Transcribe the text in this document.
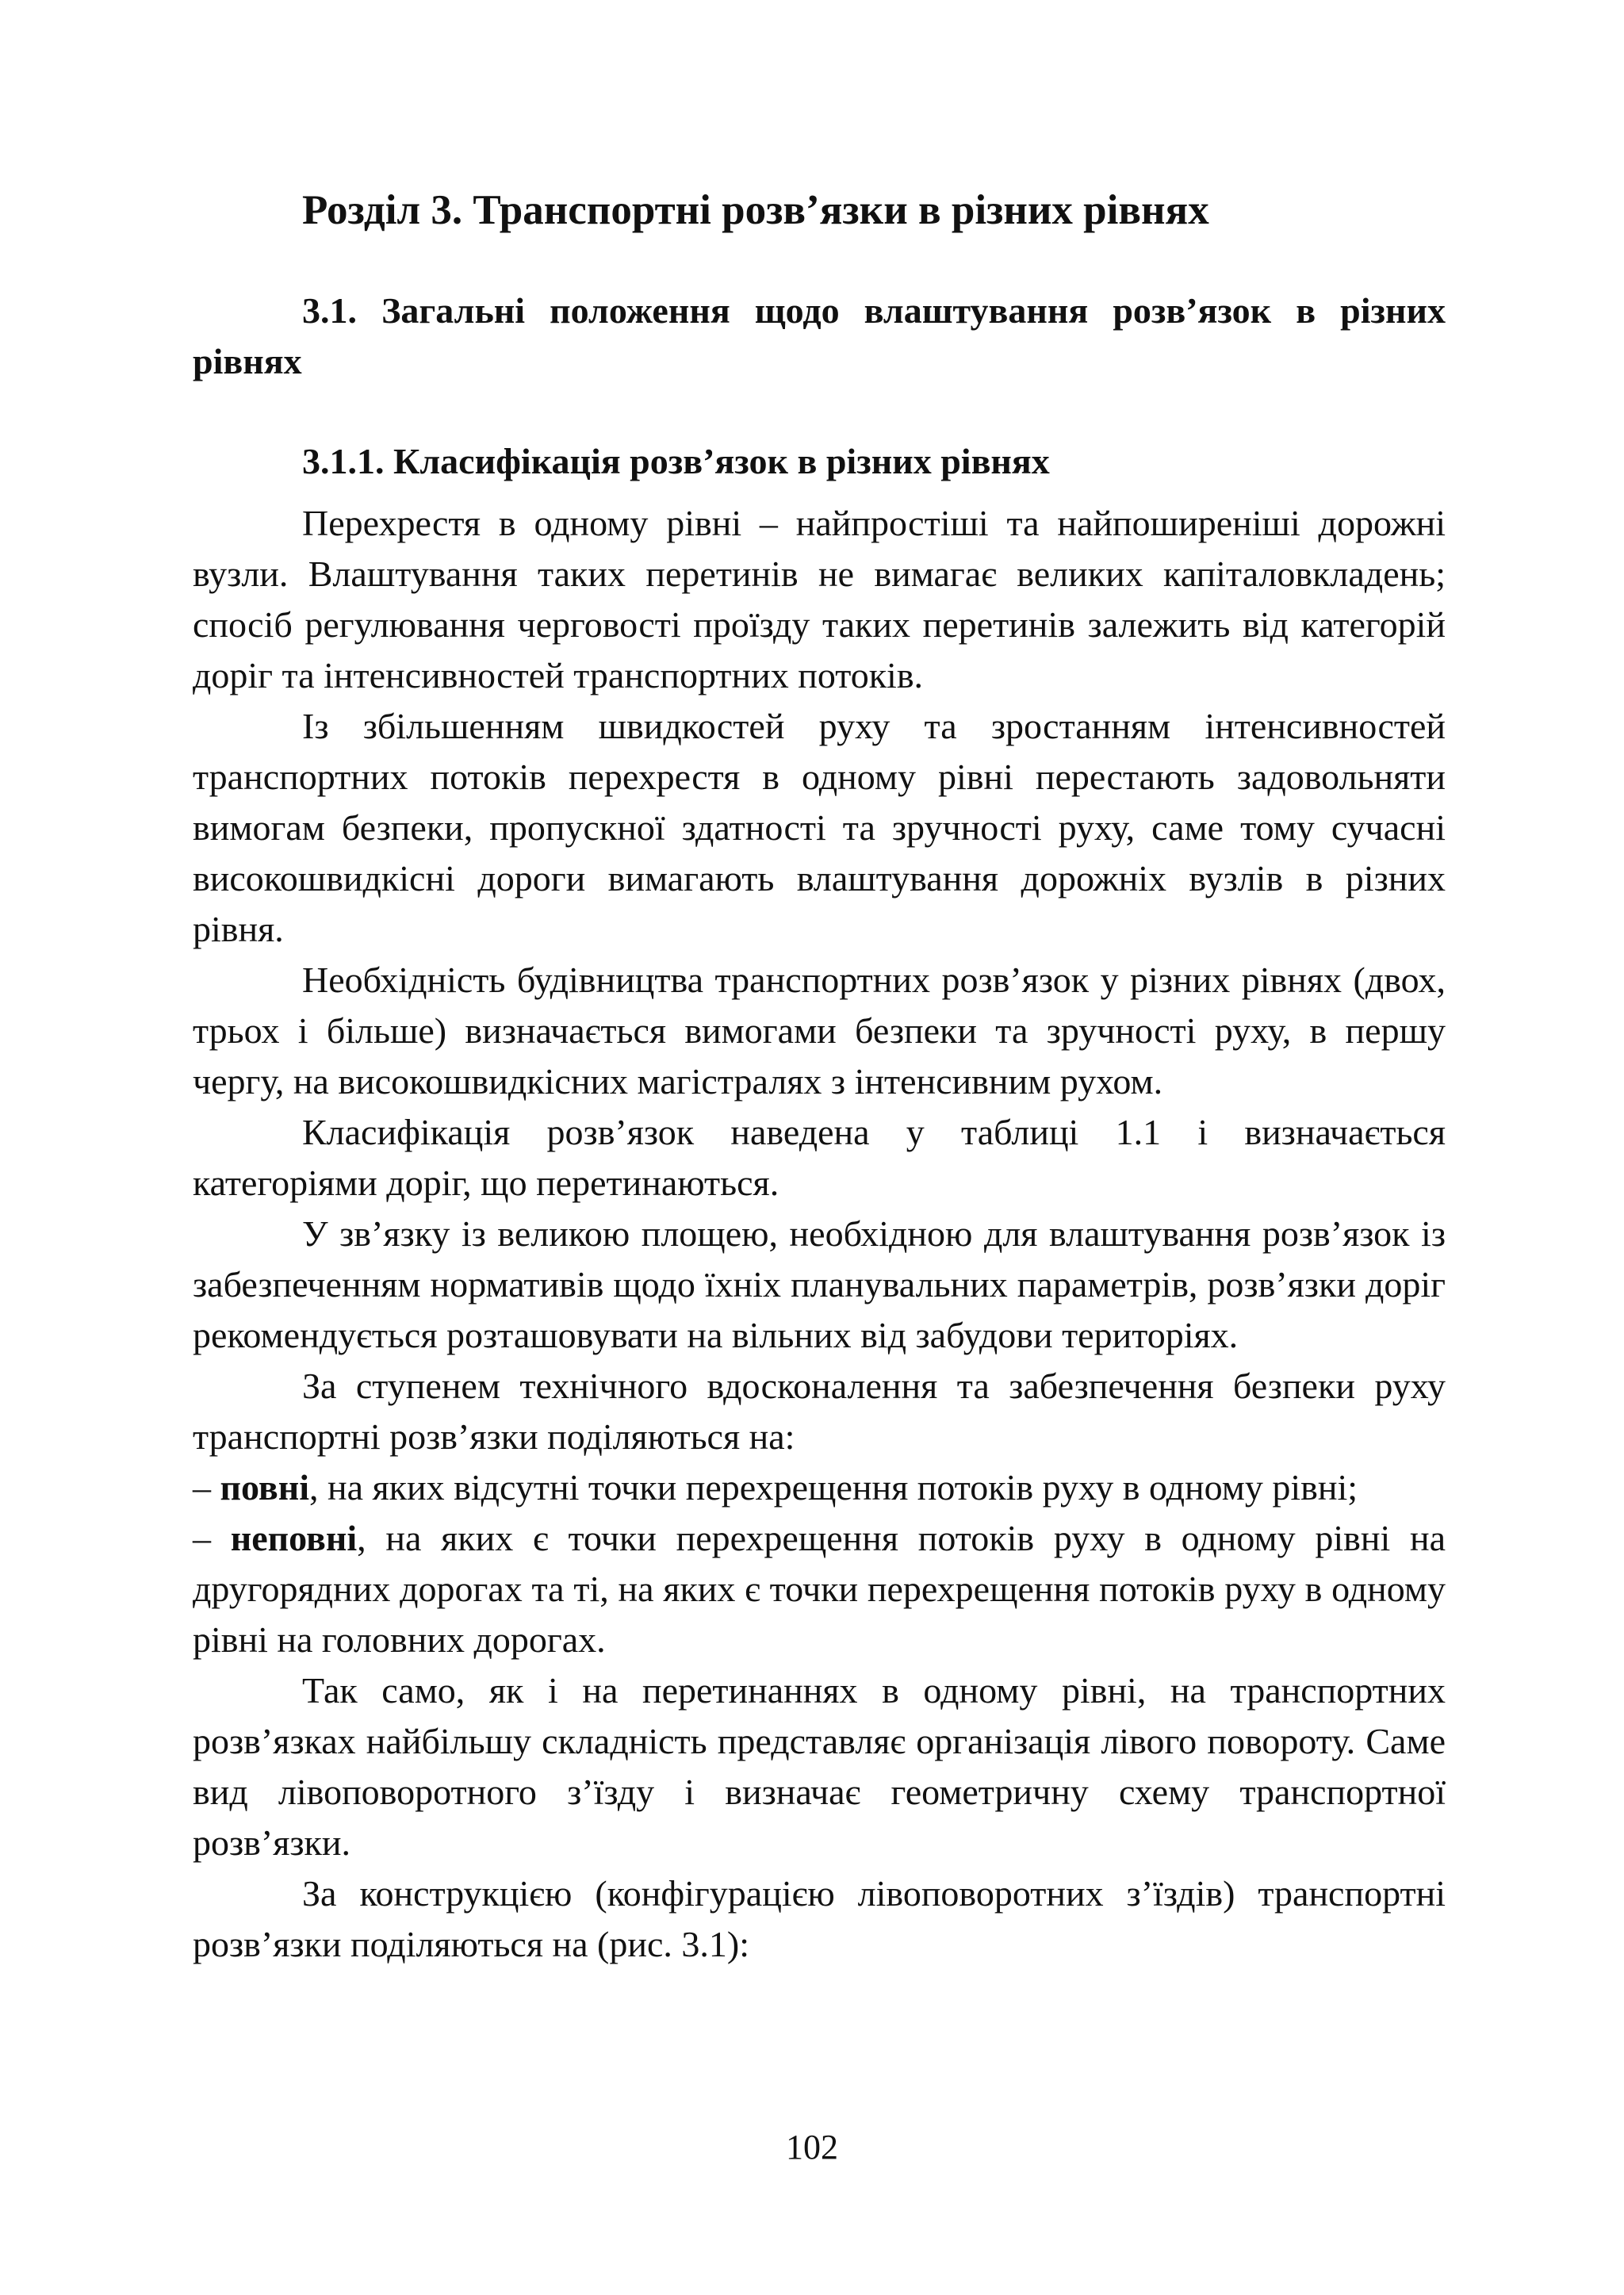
Розділ 3. Транспортні розв’язки в різних рівнях
3.1. Загальні положення щодо влаштування розв’язок в різних рівнях
3.1.1. Класифікація розв’язок в різних рівнях

Перехрестя в одному рівні – найпростіші та найпоширеніші дорожні вузли. Влаштування таких перетинів не вимагає великих капіталовкладень; спосіб регулювання черговості проїзду таких перетинів залежить від категорій доріг та інтенсивностей транспортних потоків.

Із збільшенням швидкостей руху та зростанням інтенсивностей транспортних потоків перехрестя в одному рівні перестають задовольняти вимогам безпеки, пропускної здатності та зручності руху, саме тому сучасні високошвидкісні дороги вимагають влаштування дорожніх вузлів в різних рівня.

Необхідність будівництва транспортних розв’язок у різних рівнях (двох, трьох і більше) визначається вимогами безпеки та зручності руху, в першу чергу, на високошвидкісних магістралях з інтенсивним рухом.

Класифікація розв’язок наведена у таблиці 1.1 і визначається категоріями доріг, що перетинаються.

У зв’язку із великою площею, необхідною для влаштування розв’язок із забезпеченням нормативів щодо їхніх планувальних параметрів, розв’язки доріг рекомендується розташовувати на вільних від забудови територіях.

За ступенем технічного вдосконалення та забезпечення безпеки руху транспортні розв’язки поділяються на:

– повні, на яких відсутні точки перехрещення потоків руху в одному рівні;

– неповні, на яких є точки перехрещення потоків руху в одному рівні на другорядних дорогах та ті, на яких є точки перехрещення потоків руху в одному рівні на головних дорогах.

Так само, як і на перетинаннях в одному рівні, на транспортних розв’язках найбільшу складність представляє організація лівого повороту. Саме вид лівоповоротного з’їзду і визначає геометричну схему транспортної розв’язки.

За конструкцією (конфігурацією лівоповоротних з’їздів) транспортні розв’язки поділяються на (рис. 3.1):

102
